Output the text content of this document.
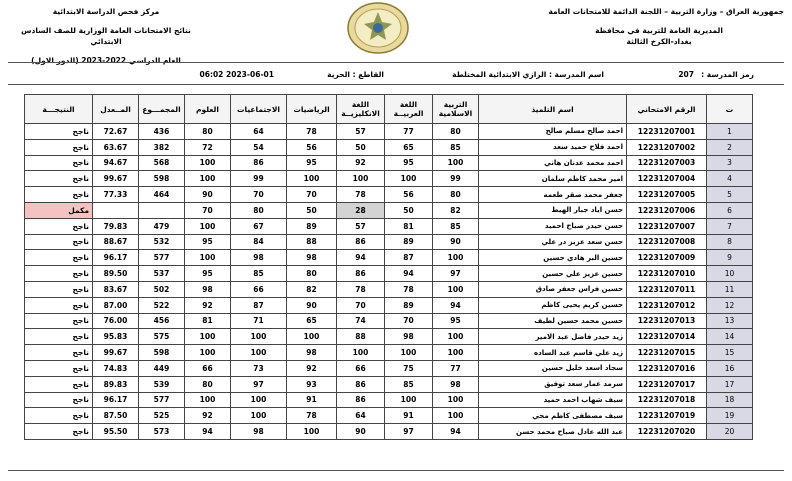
جمهورية العراق – وزارة التربية – اللجنة الدائمة للامتحانات العامة
المديرية العامة للتربية في محافظة
بغداد-الكرخ الثالثة
مركز فحص الدراسة الابتدائية
نتائج الامتحانات العامة الوزارية للصف السادس الابتدائي
العام الدراسي 2022-2023 (الدور الاول)
رمز المدرسة :
207
اسم المدرسة : الرازي الابتدائية المختلطة
القاطع : الحرية
2023-06-01 06:02
ت	الرقم الامتحاني	اسم التلميذ	التربية الاسلامية	اللغة العربيــة	اللغة الانكليزيــة	الرياضيات	الاجتماعيات	العلوم	المجمـــوع	المــعدل	النتيجـــة
1	12231207001	احمد صالح مسلم صالح	80	77	57	78	64	80	436	72.67	ناجح
2	12231207002	احمد فلاح حميد سعد	85	65	50	56	54	72	382	63.67	ناجح
3	12231207003	احمد محمد عدنان هاني	100	95	92	95	86	100	568	94.67	ناجح
4	12231207004	امير محمد كاظم سلمان	99	100	100	100	99	100	598	99.67	ناجح
5	12231207005	جعفر محمد صقر طعمه	80	56	78	70	70	90	464	77.33	ناجح
6	12231207006	حسن اياد جبار الهيط	82	50	28	50	80	70			مكمل
7	12231207007	حسن حيدر صباح احميد	85	81	57	89	67	100	479	79.83	ناجح
8	12231207008	حسن سعد عزيز در علي	90	89	86	88	84	95	532	88.67	ناجح
9	12231207009	حسين البر هادي حسين	100	87	94	98	98	100	577	96.17	ناجح
10	12231207010	حسين عزيز علي حسين	97	94	86	80	85	95	537	89.50	ناجح
11	12231207011	حسين فراس جعفر صادق	100	78	78	82	66	98	502	83.67	ناجح
12	12231207012	حسين كريم يحيى كاظم	94	89	70	90	87	92	522	87.00	ناجح
13	12231207013	حسين محمد حسين لطيف	95	70	74	65	71	81	456	76.00	ناجح
14	12231207014	زيد حيدر فاضل عبد الامير	100	98	88	100	100	100	575	95.83	ناجح
15	12231207015	زيد علي قاسم عبد الساده	100	100	100	98	100	100	598	99.67	ناجح
16	12231207016	سجاد اسعد خليل حسين	77	75	66	92	73	66	449	74.83	ناجح
17	12231207017	سرمد عمار سعد توفيق	98	85	86	93	97	80	539	89.83	ناجح
18	12231207018	سيف شهاب احمد حميد	100	100	86	91	100	100	577	96.17	ناجح
19	12231207019	سيف مصطفى كاظم محي	100	91	64	78	100	92	525	87.50	ناجح
20	12231207020	عبد الله عادل صباح محمد حسن	94	97	90	100	98	94	573	95.50	ناجح
